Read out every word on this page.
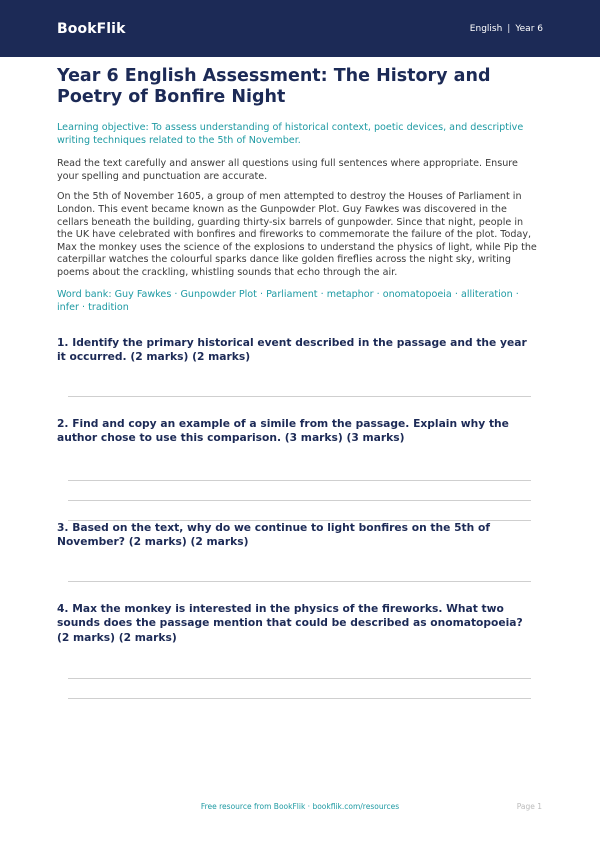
BookFlik	English | Year 6
Year 6 English Assessment: The History and Poetry of Bonfire Night

Learning objective: To assess understanding of historical context, poetic devices, and descriptive writing techniques related to the 5th of November.

Read the text carefully and answer all questions using full sentences where appropriate. Ensure your spelling and punctuation are accurate.

On the 5th of November 1605, a group of men attempted to destroy the Houses of Parliament in London. This event became known as the Gunpowder Plot. Guy Fawkes was discovered in the cellars beneath the building, guarding thirty-six barrels of gunpowder. Since that night, people in the UK have celebrated with bonfires and fireworks to commemorate the failure of the plot. Today, Max the monkey uses the science of the explosions to understand the physics of light, while Pip the caterpillar watches the colourful sparks dance like golden fireflies across the night sky, writing poems about the crackling, whistling sounds that echo through the air.

Word bank: Guy Fawkes · Gunpowder Plot · Parliament · metaphor · onomatopoeia · alliteration · infer · tradition

1. Identify the primary historical event described in the passage and the year it occurred. (2 marks) (2 marks)

2. Find and copy an example of a simile from the passage. Explain why the author chose to use this comparison. (3 marks) (3 marks)

3. Based on the text, why do we continue to light bonfires on the 5th of November? (2 marks) (2 marks)

4. Max the monkey is interested in the physics of the fireworks. What two sounds does the passage mention that could be described as onomatopoeia? (2 marks) (2 marks)

Free resource from BookFlik · bookflik.com/resources	Page 1
